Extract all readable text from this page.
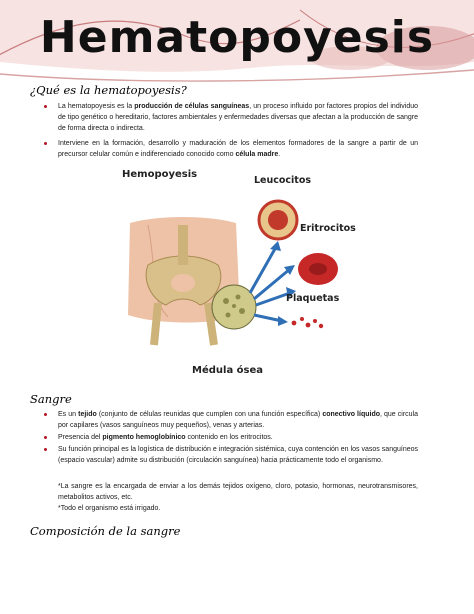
Hematopoyesis
¿Qué es la hematopoyesis?
La hematopoyesis es la producción de células sanguíneas, un proceso influido por factores propios del individuo de tipo genético o hereditario, factores ambientales y enfermedades diversas que afectan a la producción de sangre de forma directa o indirecta.
Interviene en la formación, desarrollo y maduración de los elementos formadores de la sangre a partir de un precursor celular común e indiferenciado conocido como célula madre.
Hemopoyesis
Leucocitos
Eritrocitos
Plaquetas
Médula ósea
Sangre
Es un tejido (conjunto de células reunidas que cumplen con una función específica) conectivo líquido, que circula por capilares (vasos sanguíneos muy pequeños), venas y arterias.
Presencia del pigmento hemoglobínico contenido en los eritrocitos.
Su función principal es la logística de distribución e integración sistémica, cuya contención en los vasos sanguíneos (espacio vascular) admite su distribución (circulación sanguínea) hacia prácticamente todo el organismo.
*La sangre es la encargada de enviar a los demás tejidos oxígeno, cloro, potasio, hormonas, neurotransmisores, metabolitos activos, etc.
*Todo el organismo está irrigado.
Composición de la sangre
